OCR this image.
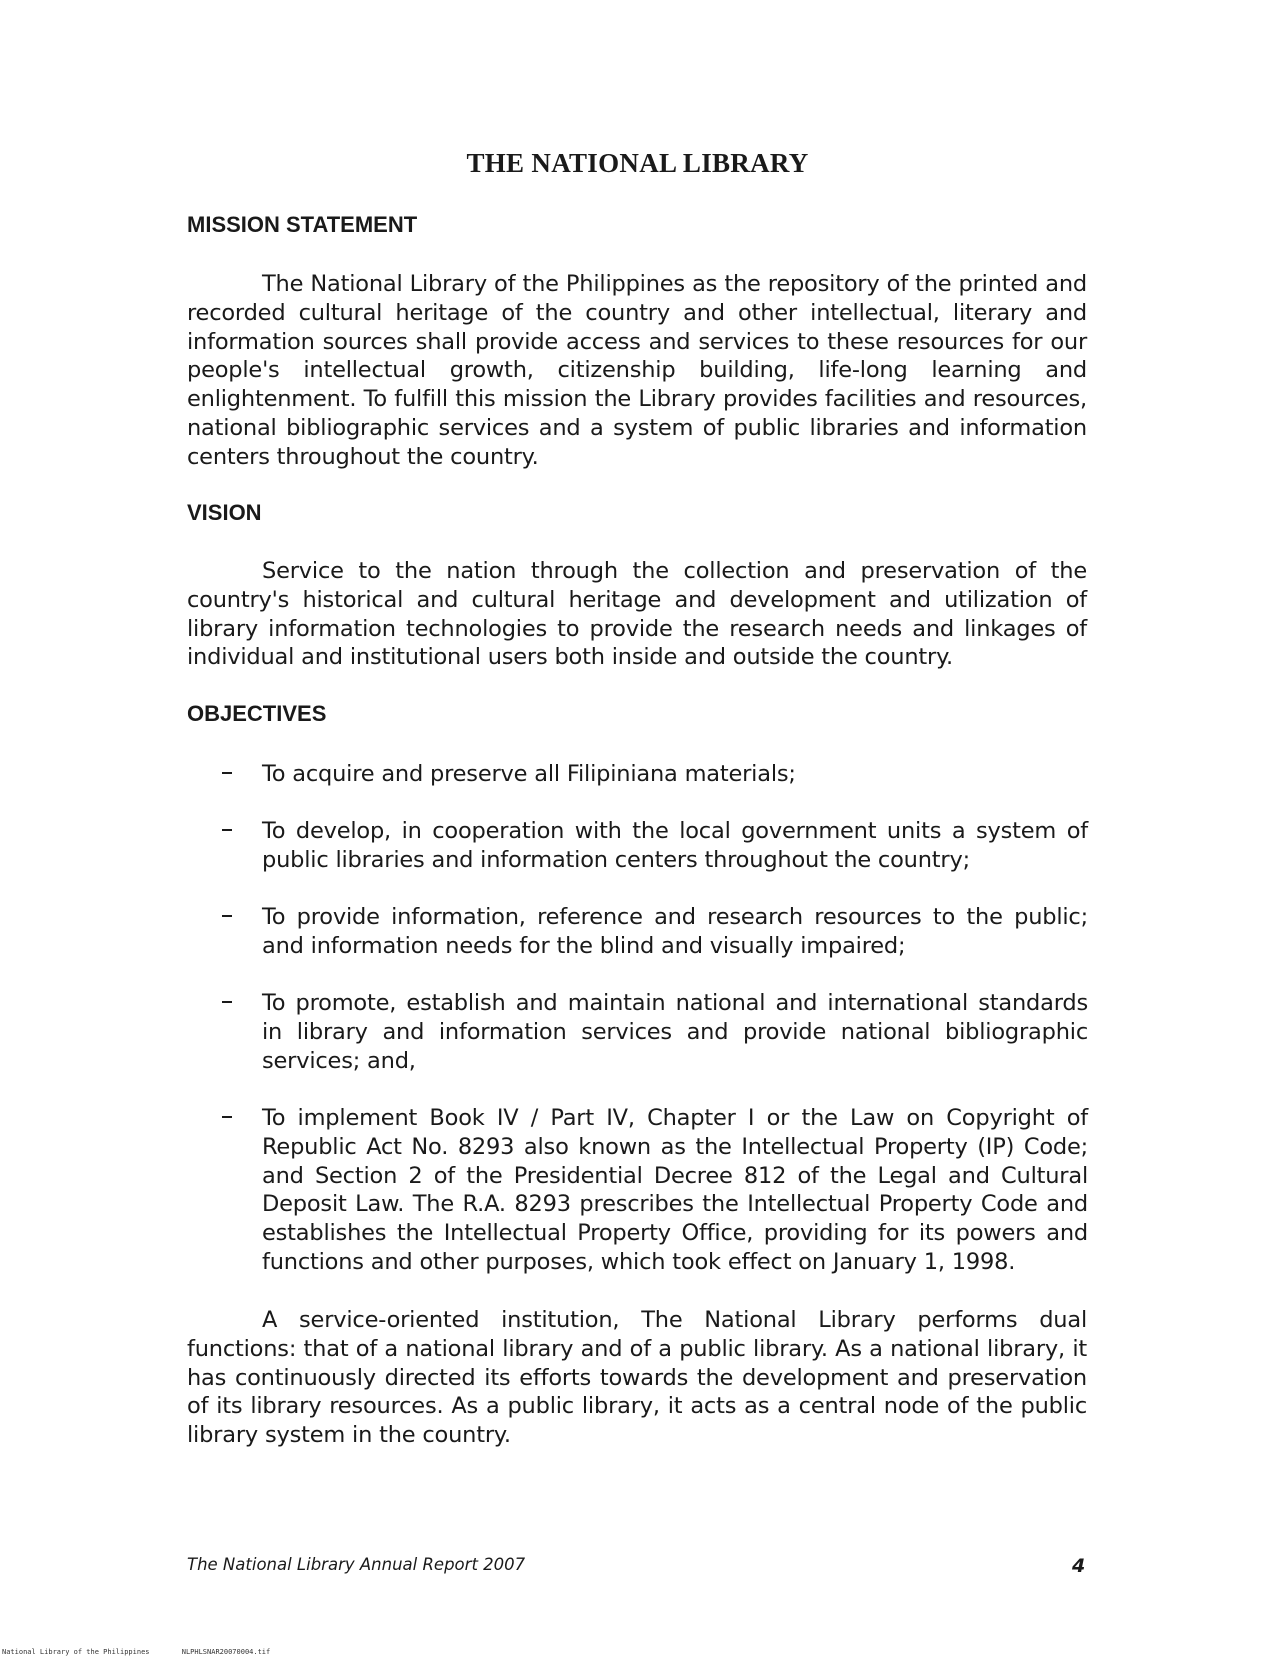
THE NATIONAL LIBRARY
MISSION STATEMENT

The National Library of the Philippines as the repository of the printed and recorded cultural heritage of the country and other intellectual, literary and information sources shall provide access and services to these resources for our people's intellectual growth, citizenship building, life-long learning and enlightenment. To fulfill this mission the Library provides facilities and resources, national bibliographic services and a system of public libraries and information centers throughout the country.

VISION

Service to the nation through the collection and preservation of the country's historical and cultural heritage and development and utilization of library information technologies to provide the research needs and linkages of individual and institutional users both inside and outside the country.

OBJECTIVES

To acquire and preserve all Filipiniana materials;

To develop, in cooperation with the local government units a system of public libraries and information centers throughout the country;

To provide information, reference and research resources to the public; and information needs for the blind and visually impaired;

To promote, establish and maintain national and international standards in library and information services and provide national bibliographic services; and,

To implement Book IV / Part IV, Chapter I or the Law on Copyright of Republic Act No. 8293 also known as the Intellectual Property (IP) Code; and Section 2 of the Presidential Decree 812 of the Legal and Cultural Deposit Law. The R.A. 8293 prescribes the Intellectual Property Code and establishes the Intellectual Property Office, providing for its powers and functions and other purposes, which took effect on January 1, 1998.

A service-oriented institution, The National Library performs dual functions: that of a national library and of a public library. As a national library, it has continuously directed its efforts towards the development and preservation of its library resources. As a public library, it acts as a central node of the public library system in the country.

The National Library Annual Report 2007	4
National Library of the Philippines	NLPHLSNAR20070004.tif
